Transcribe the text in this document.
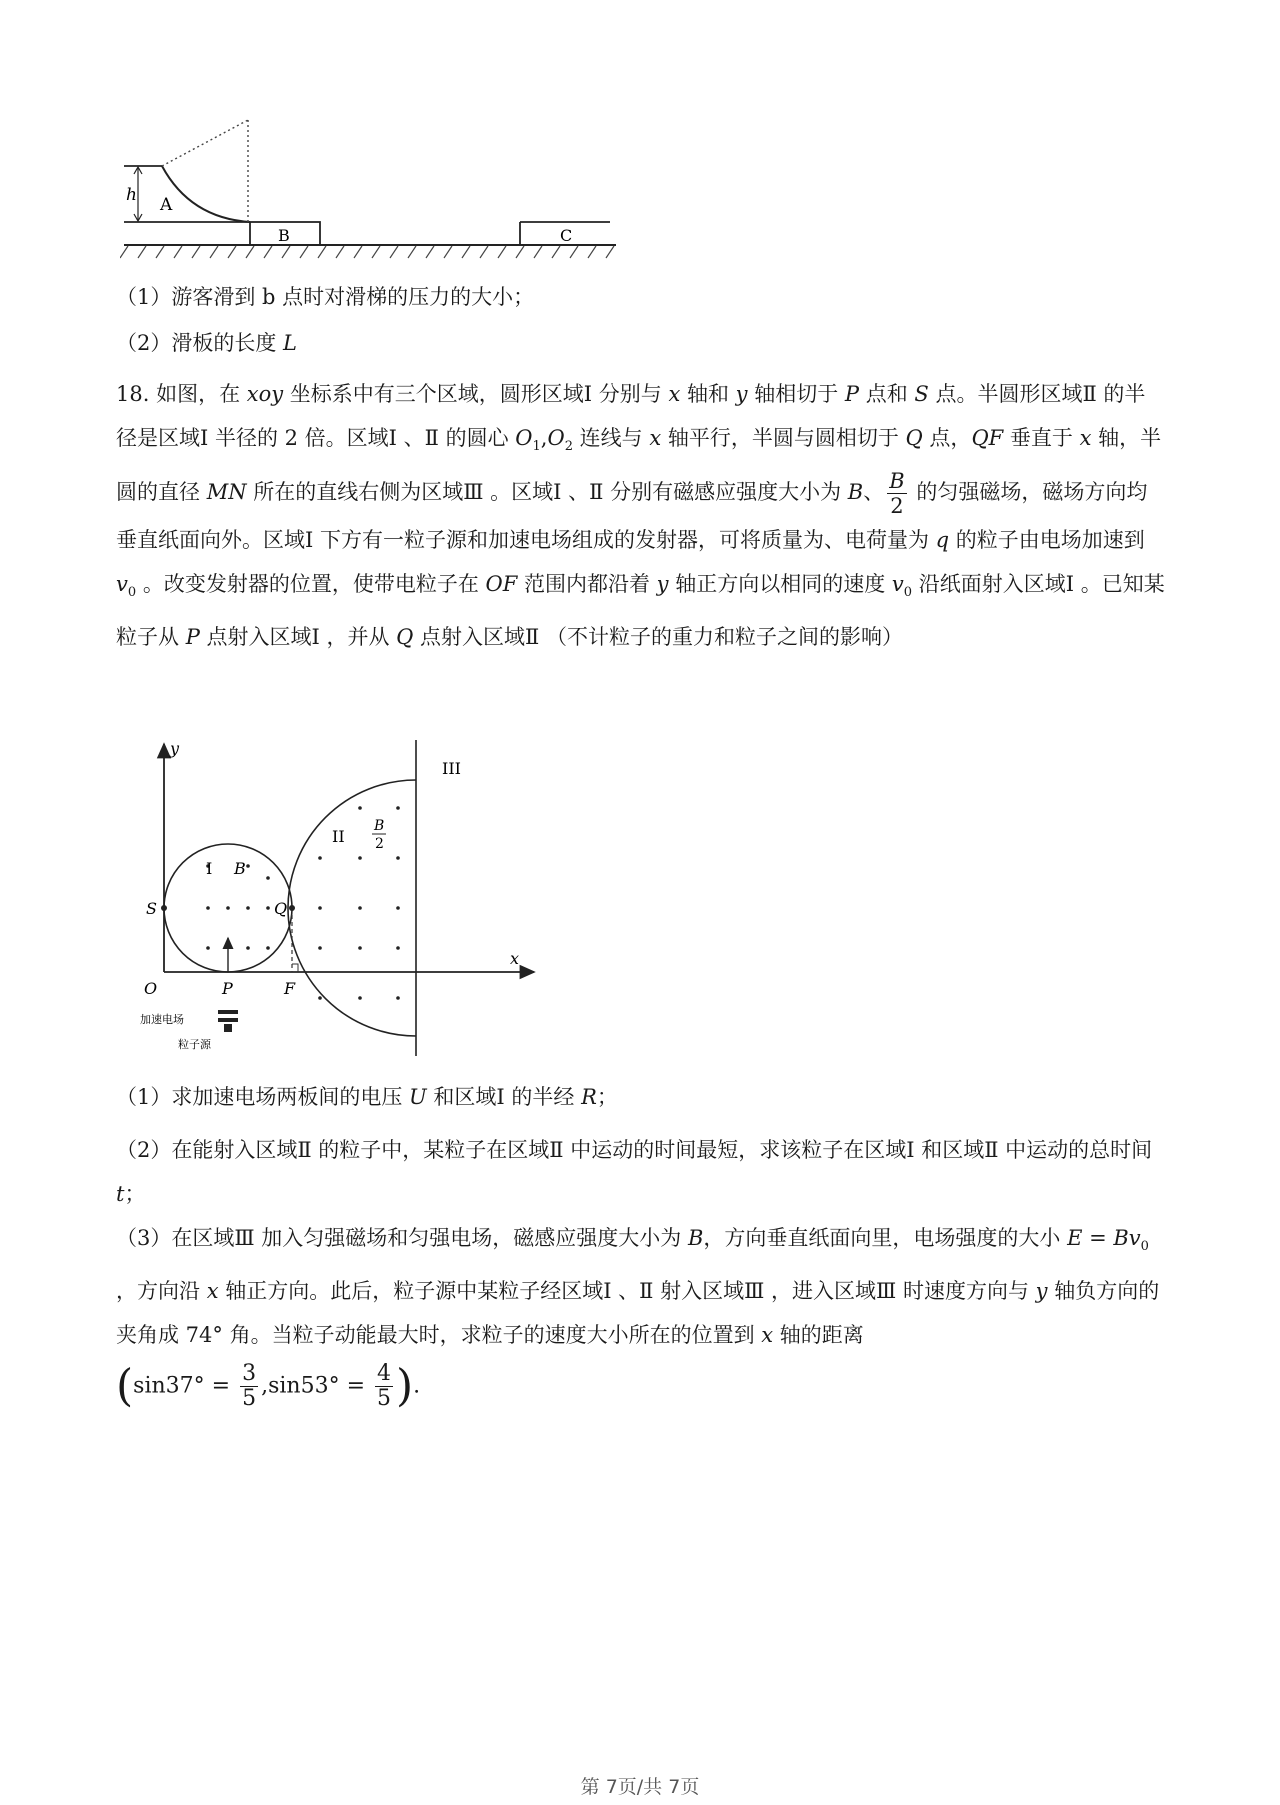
h A
B	C

（1）游客滑到 b 点时对滑梯的压力的大小；

（2）滑板的长度 L

18. 如图，在 xoy 坐标系中有三个区域，圆形区域Ⅰ 分别与 x 轴和 y 轴相切于 P 点和 S 点。半圆形区域Ⅱ 的半径是区域Ⅰ 半径的 2 倍。区域Ⅰ 、Ⅱ 的圆心 $O_1,O_2$ 连线与 x 轴平行，半圆与圆相切于 Q 点，QF 垂直于 x 轴，半圆的直径 MN 所在的直线右侧为区域Ⅲ 。区域Ⅰ 、Ⅱ 分别有磁感应强度大小为 B、 $\frac{B}{2}$ 的匀强磁场，磁场方向均垂直纸面向外。区域Ⅰ 下方有一粒子源和加速电场组成的发射器，可将质量为、电荷量为 q 的粒子由电场加速到 $v_0$ 。改变发射器的位置，使带电粒子在 OF 范围内都沿着 y 轴正方向以相同的速度 $v_0$ 沿纸面射入区域Ⅰ 。已知某粒子从 P 点射入区域Ⅰ ，并从 Q 点射入区域Ⅱ （不计粒子的重力和粒子之间的影响）

y
x
S	Q
O	P	F
I B
II
B
2
III
加速电场
粒子源

（1）求加速电场两板间的电压 U 和区域Ⅰ 的半经 R；

（2）在能射入区域Ⅱ 的粒子中，某粒子在区域Ⅱ 中运动的时间最短，求该粒子在区域Ⅰ 和区域Ⅱ 中运动的总时间 t；

（3）在区域Ⅲ 加入匀强磁场和匀强电场，磁感应强度大小为 B，方向垂直纸面向里，电场强度的大小 $E = Bv_0$ ，方向沿 x 轴正方向。此后，粒子源中某粒子经区域Ⅰ 、Ⅱ 射入区域Ⅲ ，进入区域Ⅲ 时速度方向与 y 轴负方向的夹角成 74° 角。当粒子动能最大时，求粒子的速度大小所在的位置到 x 轴的距离

($\sin 37^\circ = \frac{3}{5} ,\sin 53^\circ = \frac{4}{5}$ ).

第 7页/共 7页
